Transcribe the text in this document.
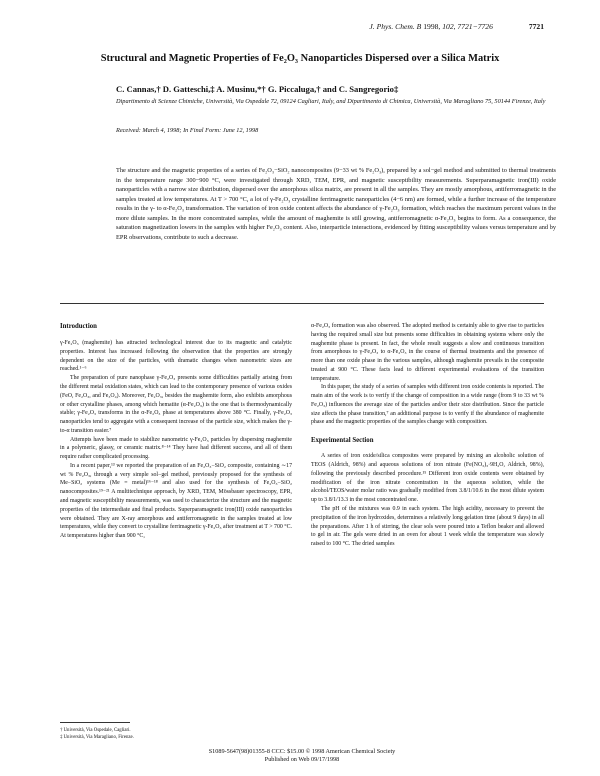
J. Phys. Chem. B 1998, 102, 7721−7726	7721
Structural and Magnetic Properties of Fe₂O₃ Nanoparticles Dispersed over a Silica Matrix
C. Cannas,† D. Gatteschi,‡ A. Musinu,*† G. Piccaluga,† and C. Sangregorio‡
Dipartimento di Scienze Chimiche, Università, Via Ospedale 72, 09124 Cagliari, Italy, and Dipartimento di Chimica, Università, Via Maragliano 75, 50144 Firenze, Italy
Received: March 4, 1998; In Final Form: June 12, 1998
The structure and the magnetic properties of a series of Fe₂O₃−SiO₂ nanocomposites (9−33 wt % Fe₂O₃), prepared by a sol−gel method and submitted to thermal treatments in the temperature range 300−900 °C, were investigated through XRD, TEM, EPR, and magnetic susceptibility measurements. Superparamagnetic iron(III) oxide nanoparticles with a narrow size distribution, dispersed over the amorphous silica matrix, are present in all the samples. They are mostly amorphous, antiferromagnetic in the samples treated at low temperatures. At T > 700 °C, a lot of γ-Fe₂O₃ crystalline ferrimagnetic nanoparticles (4−6 nm) are formed, while a further increase of the temperature results in the γ- to α-Fe₂O₃ transformation. The variation of iron oxide content affects the abundance of γ-Fe₂O₃ formation, which reaches the maximum percent values in the more dilute samples. In the more concentrated samples, while the amount of maghemite is still growing, antiferromagnetic α-Fe₂O₃ begins to form. As a consequence, the saturation magnetization lowers in the samples with higher Fe₂O₃ content. Also, interparticle interactions, evidenced by fitting susceptibility values versus temperature and by EPR observations, contribute to such a decrease.
Introduction

γ-Fe₂O₃ (maghemite) has attracted technological interest due to its magnetic and catalytic properties. Interest has increased following the observation that the properties are strongly dependent on the size of the particles, with dramatic changes when nanometric sizes are reached.¹⁻⁶

The preparation of pure nanophase γ-Fe₂O₃ presents some difficulties partially arising from the different metal oxidation states, which can lead to the contemporary presence of various oxides (FeO, Fe₂O₃, and Fe₃O₄). Moreover, Fe₂O₃, besides the maghemite form, also exhibits amorphous or other crystalline phases, among which hematite (α-Fe₂O₃) is the one that is thermodynamically stable; γ-Fe₂O₃ transforms in the α-Fe₂O₃ phase at temperatures above 380 °C. Finally, γ-Fe₂O₃ nanoparticles tend to aggregate with a consequent increase of the particle size, which makes the γ-to-α transition easier.⁷

Attempts have been made to stabilize nanometric γ-Fe₂O₃ particles by dispersing maghemite in a polymeric, glassy, or ceramic matrix.⁸⁻¹⁴ They have had different success, and all of them require rather complicated processing.

In a recent paper,¹³ we reported the preparation of an Fe₂O₃−SiO₂ composite, containing ∼17 wt % Fe₂O₃, through a very simple sol−gel method, previously proposed for the synthesis of Me−SiO₂ systems (Me = metal)¹⁶⁻¹⁸ and also used for the synthesis of Fe₂O₃−SiO₂ nanocomposites.¹⁹⁻²¹ A multitechnique approach, by XRD, TEM, Mössbauer spectroscopy, EPR, and magnetic susceptibility measurements, was used to characterize the structure and the magnetic properties of the intermediate and final products. Superparamagnetic iron(III) oxide nanoparticles were obtained. They are X-ray amorphous and antiferromagnetic in the samples treated at low temperatures, while they convert to crystalline ferrimagnetic γ-Fe₂O₃ after treatment at T > 700 °C. At temperatures higher than 900 °C,

α-Fe₂O₃ formation was also observed. The adopted method is certainly able to give rise to particles having the required small size but presents some difficulties in obtaining systems where only the maghemite phase is present. In fact, the whole result suggests a slow and continuous transition from amorphous to γ-Fe₂O₃ to α-Fe₂O₃ in the course of thermal treatments and the presence of more than one oxide phase in the various samples, although maghemite prevails in the composite treated at 900 °C. These facts lead to different experimental evaluations of the transition temperature.

In this paper, the study of a series of samples with different iron oxide contents is reported. The main aim of the work is to verify if the change of composition in a wide range (from 9 to 33 wt % Fe₂O₃) influences the average size of the particles and/or their size distribution. Since the particle size affects the phase transition,⁷ an additional purpose is to verify if the abundance of maghemite phase and the magnetic properties of the samples change with composition.

Experimental Section

A series of iron oxide/silica composites were prepared by mixing an alcoholic solution of TEOS (Aldrich, 98%) and aqueous solutions of iron nitrate (Fe(NO₃)₃·9H₂O, Aldrich, 98%), following the previously described procedure.¹⁵ Different iron oxide contents were obtained by modification of the iron nitrate concentration in the aqueous solution, while the alcohol/TEOS/water molar ratio was gradually modified from 3.8/1/10.6 in the most dilute system up to 3.8/1/13.3 in the most concentrated one.

The pH of the mixtures was 0.9 in each system. The high acidity, necessary to prevent the precipitation of the iron hydroxides, determines a relatively long gelation time (about 9 days) in all the preparations. After 1 h of stirring, the clear sols were poured into a Teflon beaker and allowed to gel in air. The gels were dried in an oven for about 1 week while the temperature was slowly raised to 100 °C. The dried samples

† Università, Via Ospedale, Cagliari.
‡ Università, Via Maragliano, Firenze.
S1089-5647(98)01355-8 CCC: $15.00 © 1998 American Chemical Society
Published on Web 09/17/1998
